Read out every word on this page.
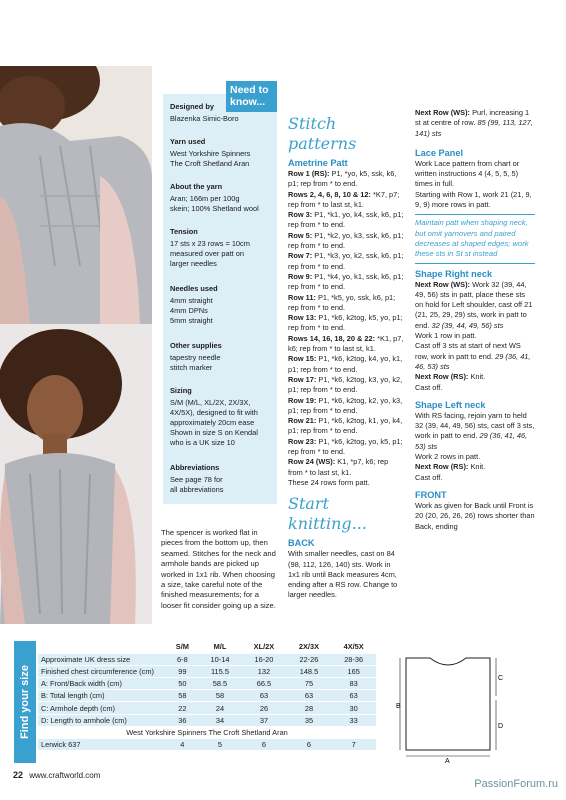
Need to know...
Designed by
Blazenka Simic-Boro
Yarn used
West Yorkshire Spinners
The Croft Shetland Aran
About the yarn
Aran; 166m per 100g
skein; 100% Shetland wool
Tension
17 sts x 23 rows = 10cm
measured over patt on
larger needles
Needles used
4mm straight
4mm DPNs
5mm straight
Other supplies
tapestry needle
stitch marker
Sizing
S/M (M/L, XL/2X, 2X/3X,
4X/5X), designed to fit with
approximately 20cm ease
Shown in size S on Kendal
who is a UK size 10
Abbreviations
See page 78 for
all abbreviations

The spencer is worked flat in pieces from the bottom up, then seamed. Stitches for the neck and armhole bands are picked up worked in 1x1 rib. When choosing a size, take careful note of the finished measurements; for a looser fit consider going up a size.

Stitch patterns
Ametrine Patt

Row 1 (RS): P1, *yo, k5, ssk, k6, p1; rep from * to end.

Rows 2, 4, 6, 8, 10 & 12: *K7, p7; rep from * to last st, k1.

Row 3: P1, *k1, yo, k4, ssk, k6, p1; rep from * to end.

Row 5: P1, *k2, yo, k3, ssk, k6, p1; rep from * to end.

Row 7: P1, *k3, yo, k2, ssk, k6, p1; rep from * to end.

Row 9: P1, *k4, yo, k1, ssk, k6, p1; rep from * to end.

Row 11: P1, *k5, yo, ssk, k6, p1; rep from * to end.

Row 13: P1, *k6, k2tog, k5, yo, p1; rep from * to end.

Rows 14, 16, 18, 20 & 22: *K1, p7, k6; rep from * to last st, k1.

Row 15: P1, *k6, k2tog, k4, yo, k1, p1; rep from * to end.

Row 17: P1, *k6, k2tog, k3, yo, k2, p1; rep from * to end.

Row 19: P1, *k6, k2tog, k2, yo, k3, p1; rep from * to end.

Row 21: P1, *k6, k2tog, k1, yo, k4, p1; rep from * to end.

Row 23: P1, *k6, k2tog, yo, k5, p1; rep from * to end.

Row 24 (WS): K1, *p7, k6; rep from * to last st, k1.

These 24 rows form patt.

Start knitting...
BACK

With smaller needles, cast on 84 (98, 112, 126, 140) sts. Work in 1x1 rib until Back measures 4cm, ending after a RS row. Change to larger needles.

Next Row (WS): Purl, increasing 1 st at centre of row. 85 (99, 113, 127, 141) sts

Lace Panel

Work Lace pattern from chart or written instructions 4 (4, 5, 5, 5) times in full.

Starting with Row 1, work 21 (21, 9, 9, 9) more rows in patt.

Maintain patt when shaping neck, but omit yarnovers and paired decreases at shaped edges; work these sts in St st instead
Shape Right neck

Next Row (WS): Work 32 (39, 44, 49, 56) sts in patt, place these sts on hold for Left shoulder, cast off 21 (21, 25, 29, 29) sts, work in patt to end. 32 (39, 44, 49, 56) sts

Work 1 row in patt.

Cast off 3 sts at start of next WS row, work in patt to end. 29 (36, 41, 46, 53) sts

Next Row (RS): Knit.

Cast off.

Shape Left neck

With RS facing, rejoin yarn to held 32 (39, 44, 49, 56) sts, cast off 3 sts, work in patt to end. 29 (36, 41, 46, 53) sts

Work 2 rows in patt.

Next Row (RS): Knit.

Cast off.

FRONT

Work as given for Back until Front is 20 (20, 26, 26, 26) rows shorter than Back, ending

Find your size
	S/M	M/L	XL/2X	2X/3X	4X/5X
Approximate UK dress size	6-8	10-14	16-20	22-26	28-36
Finished chest circumference (cm)	99	115.5	132	148.5	165
A: Front/Back width (cm)	50	58.5	66.5	75	83
B: Total length (cm)	58	58	63	63	63
C: Armhole depth (cm)	22	24	26	28	30
D: Length to armhole (cm)	36	34	37	35	33
West Yorkshire Spinners The Croft Shetland Aran					
Lerwick 637	4	5	6	6	7
B
C
D
A
22 www.craftworld.com
PassionForum.ru
